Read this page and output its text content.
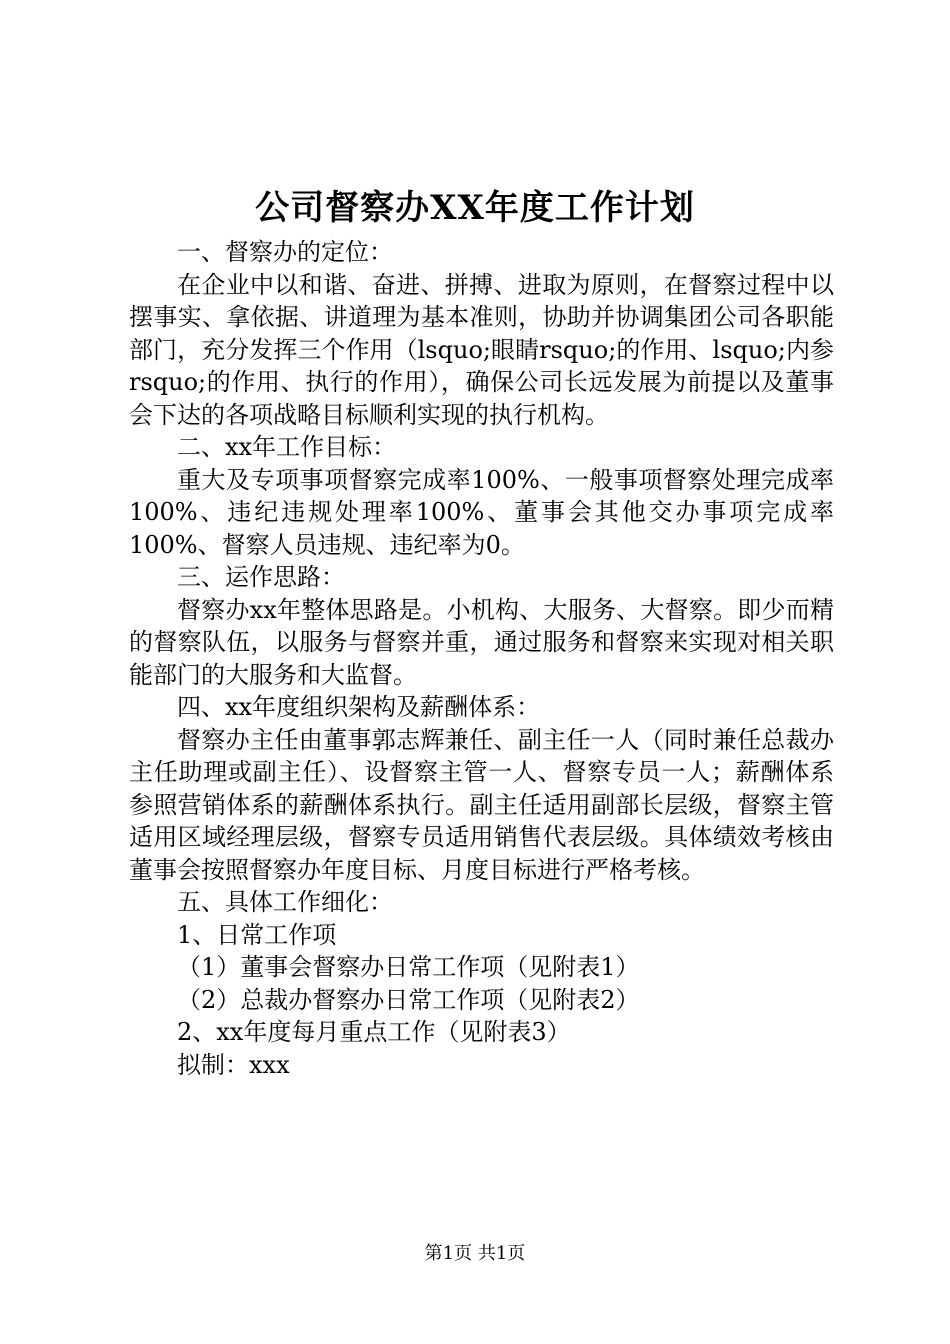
公司督察办XX年度工作计划

一、督察办的定位：

在企业中以和谐、奋进、拼搏、进取为原则，在督察过程中以摆事实、拿依据、讲道理为基本准则，协助并协调集团公司各职能部门，充分发挥三个作用（lsquo;眼睛rsquo;的作用、lsquo;内参rsquo;的作用、执行的作用），确保公司长远发展为前提以及董事会下达的各项战略目标顺利实现的执行机构。

二、xx年工作目标：

重大及专项事项督察完成率100%、一般事项督察处理完成率100%、违纪违规处理率100%、董事会其他交办事项完成率100%、督察人员违规、违纪率为0。

三、运作思路：

督察办xx年整体思路是。小机构、大服务、大督察。即少而精的督察队伍，以服务与督察并重，通过服务和督察来实现对相关职能部门的大服务和大监督。

四、xx年度组织架构及薪酬体系：

督察办主任由董事郭志辉兼任、副主任一人（同时兼任总裁办主任助理或副主任）、设督察主管一人、督察专员一人；薪酬体系参照营销体系的薪酬体系执行。副主任适用副部长层级，督察主管适用区域经理层级，督察专员适用销售代表层级。具体绩效考核由董事会按照督察办年度目标、月度目标进行严格考核。

五、具体工作细化：

1、日常工作项

（1）董事会督察办日常工作项（见附表1）

（2）总裁办督察办日常工作项（见附表2）

2、xx年度每月重点工作（见附表3）

拟制：xxx

第1页 共1页
